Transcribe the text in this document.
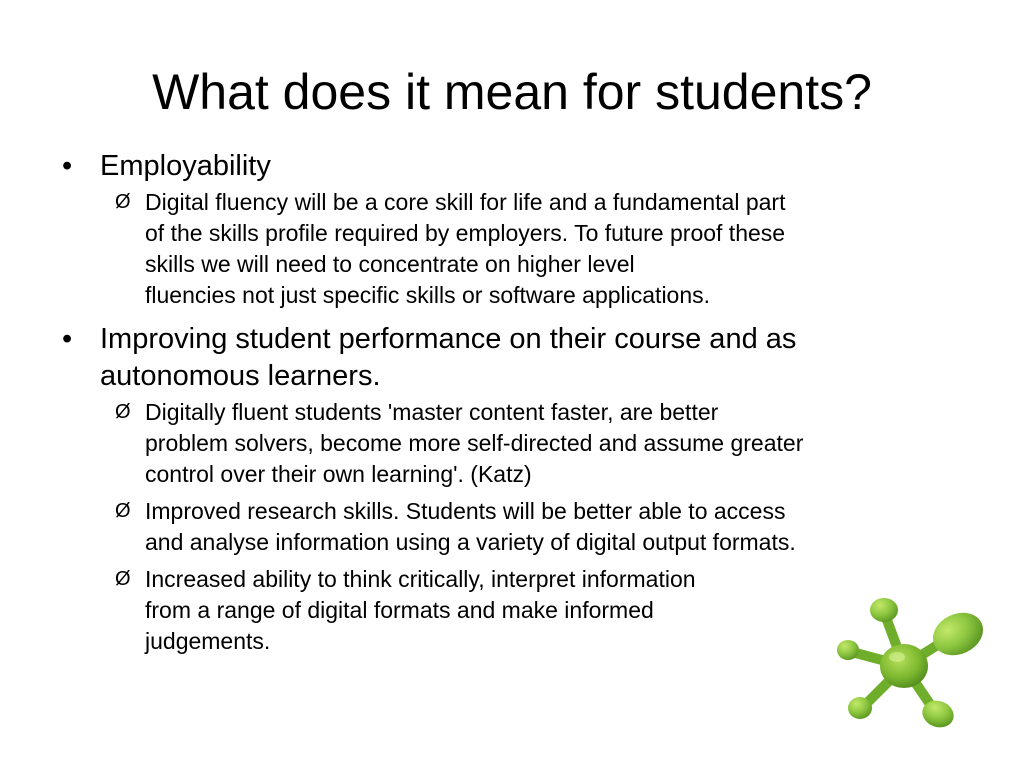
What does it mean for students?
• Employability
Ø Digital fluency will be a core skill for life and a fundamental part
of the skills profile required by employers. To future proof these
skills we will need to concentrate on higher level
fluencies not just specific skills or software applications.
• Improving student performance on their course and as
autonomous learners.
Ø Digitally fluent students 'master content faster, are better
problem solvers, become more self-directed and assume greater
control over their own learning'. (Katz)
Ø Improved research skills. Students will be better able to access
and analyse information using a variety of digital output formats.
Ø Increased ability to think critically, interpret information
from a range of digital formats and make informed
judgements.
